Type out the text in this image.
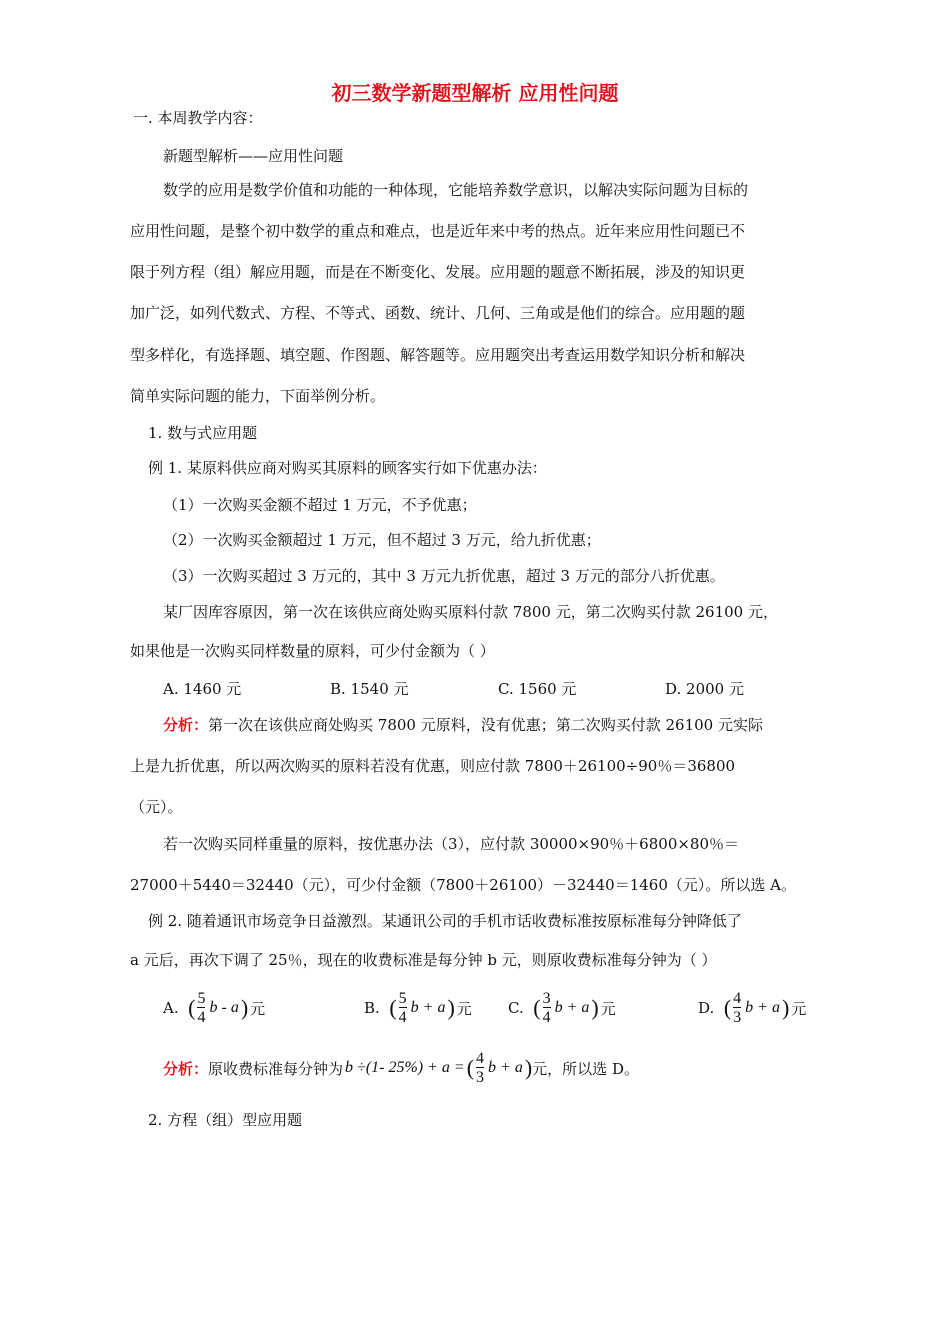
初三数学新题型解析 应用性问题
一. 本周教学内容：
新题型解析——应用性问题
数学的应用是数学价值和功能的一种体现，它能培养数学意识，以解决实际问题为目标的
应用性问题，是整个初中数学的重点和难点，也是近年来中考的热点。近年来应用性问题已不
限于列方程（组）解应用题，而是在不断变化、发展。应用题的题意不断拓展，涉及的知识更
加广泛，如列代数式、方程、不等式、函数、统计、几何、三角或是他们的综合。应用题的题
型多样化，有选择题、填空题、作图题、解答题等。应用题突出考查运用数学知识分析和解决
简单实际问题的能力，下面举例分析。
1. 数与式应用题
例 1. 某原料供应商对购买其原料的顾客实行如下优惠办法：
（1）一次购买金额不超过 1 万元，不予优惠；
（2）一次购买金额超过 1 万元，但不超过 3 万元，给九折优惠；
（3）一次购买超过 3 万元的，其中 3 万元九折优惠，超过 3 万元的部分八折优惠。
某厂因库容原因，第一次在该供应商处购买原料付款 7800 元，第二次购买付款 26100 元，
如果他是一次购买同样数量的原料，可少付金额为（ ）
A. 1460 元	B. 1540 元	C. 1560 元	D. 2000 元
分析：第一次在该供应商处购买 7800 元原料，没有优惠；第二次购买付款 26100 元实际
上是九折优惠，所以两次购买的原料若没有优惠，则应付款 7800＋26100÷90％＝36800
（元）。
若一次购买同样重量的原料，按优惠办法（3），应付款 30000×90％＋6800×80％＝
27000＋5440＝32440（元），可少付金额（7800＋26100）－32440＝1460（元）。所以选 A。
例 2. 随着通讯市场竞争日益激烈。某通讯公司的手机市话收费标准按原标准每分钟降低了
a 元后，再次下调了 25％，现在的收费标准是每分钟 b 元，则原收费标准每分钟为（ ）
A.
( $\frac{5}{4}$ b - a ) 元	B.
( $\frac{5}{4}$ b + a ) 元 C.
( $\frac{3}{4}$ b + a ) 元	D.
( $\frac{4}{3}$ b + a ) 元
分析： 原收费标准每分钟为 b ÷(1- 25%) + a = ( $\frac{4}{3}$ b + a ) 元，所以选 D。
2. 方程（组）型应用题
